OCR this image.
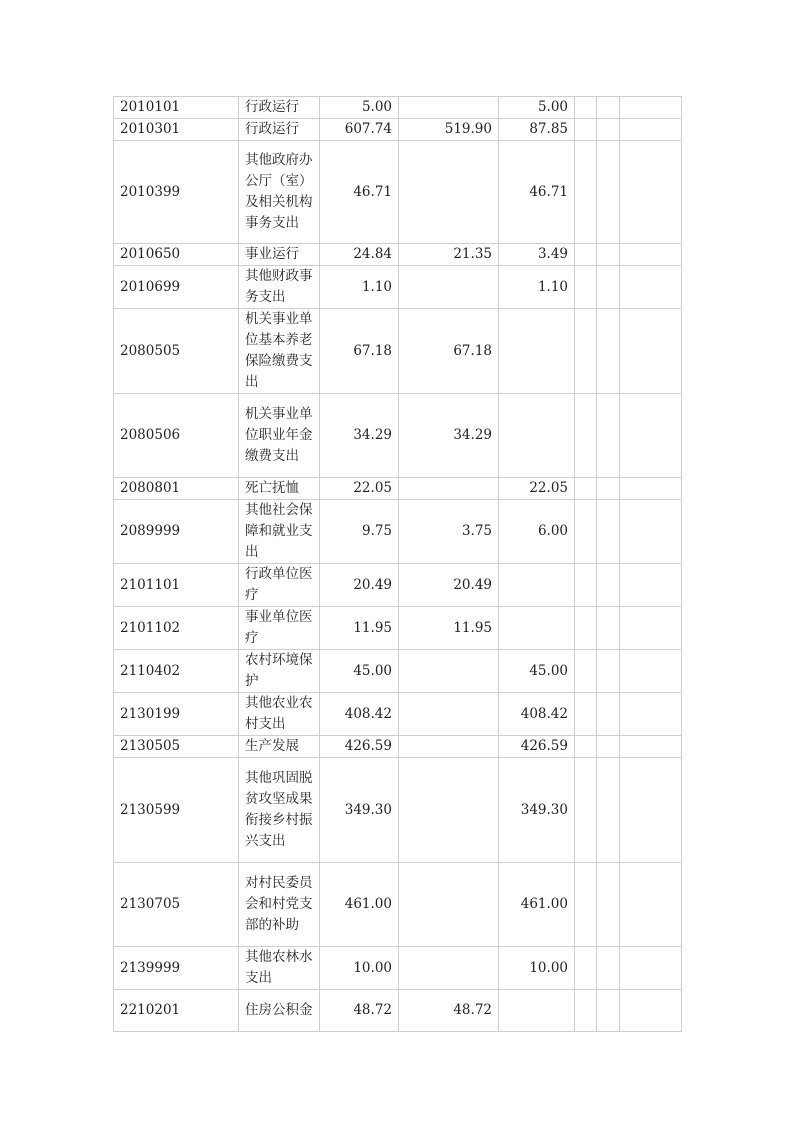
2010101	行政运行	5.00		5.00			
2010301	行政运行	607.74	519.90	87.85			
2010399	其他政府办公厅（室）及相关机构事务支出	46.71		46.71			
2010650	事业运行	24.84	21.35	3.49			
2010699	其他财政事务支出	1.10		1.10			
2080505	机关事业单位基本养老保险缴费支出	67.18	67.18				
2080506	机关事业单位职业年金缴费支出	34.29	34.29				
2080801	死亡抚恤	22.05		22.05			
2089999	其他社会保障和就业支出	9.75	3.75	6.00			
2101101	行政单位医疗	20.49	20.49				
2101102	事业单位医疗	11.95	11.95				
2110402	农村环境保护	45.00		45.00			
2130199	其他农业农村支出	408.42		408.42			
2130505	生产发展	426.59		426.59			
2130599	其他巩固脱贫攻坚成果衔接乡村振兴支出	349.30		349.30			
2130705	对村民委员会和村党支部的补助	461.00		461.00			
2139999	其他农林水支出	10.00		10.00			
2210201	住房公积金	48.72	48.72				
